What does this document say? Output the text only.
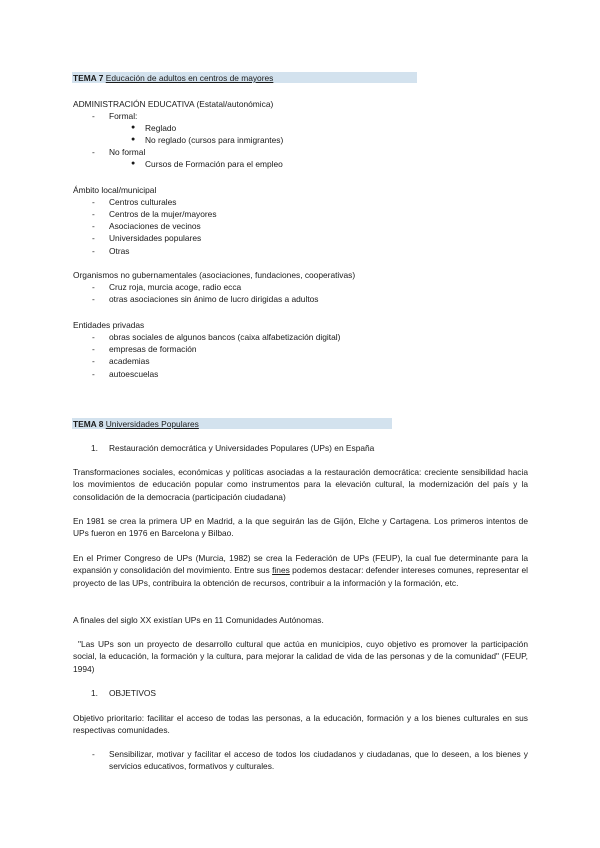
TEMA 7 Educación de adultos en centros de mayores
ADMINISTRACIÓN EDUCATIVA (Estatal/autonómica)
- Formal:
● Reglado
● No reglado (cursos para inmigrantes)
- No formal
● Cursos de Formación para el empleo
Ámbito local/municipal
- Centros culturales
- Centros de la mujer/mayores
- Asociaciones de vecinos
- Universidades populares
- Otras
Organismos no gubernamentales (asociaciones, fundaciones, cooperativas)
- Cruz roja, murcia acoge, radio ecca
- otras asociaciones sin ánimo de lucro dirigidas a adultos
Entidades privadas
- obras sociales de algunos bancos (caixa alfabetización digital)
- empresas de formación
- academias
- autoescuelas
TEMA 8 Universidades Populares
1. Restauración democrática y Universidades Populares (UPs) en España
Transformaciones sociales, económicas y políticas asociadas a la restauración democrática: creciente sensibilidad hacia los movimientos de educación popular como instrumentos para la elevación cultural, la modernización del país y la consolidación de la democracia (participación ciudadana)
En 1981 se crea la primera UP en Madrid, a la que seguirán las de Gijón, Elche y Cartagena. Los primeros intentos de UPs fueron en 1976 en Barcelona y Bilbao.
En el Primer Congreso de UPs (Murcia, 1982) se crea la Federación de UPs (FEUP), la cual fue determinante para la expansión y consolidación del movimiento. Entre sus fines podemos destacar: defender intereses comunes, representar el proyecto de las UPs, contribuira la obtención de recursos, contribuir a la información y la formación, etc.
A finales del siglo XX existían UPs en 11 Comunidades Autónomas.
"Las UPs son un proyecto de desarrollo cultural que actúa en municipios, cuyo objetivo es promover la participación social, la educación, la formación y la cultura, para mejorar la calidad de vida de las personas y de la comunidad" (FEUP, 1994)
1. OBJETIVOS
Objetivo prioritario: facilitar el acceso de todas las personas, a la educación, formación y a los bienes culturales en sus respectivas comunidades.
- Sensibilizar, motivar y facilitar el acceso de todos los ciudadanos y ciudadanas, que lo deseen, a los bienes y servicios educativos, formativos y culturales.
